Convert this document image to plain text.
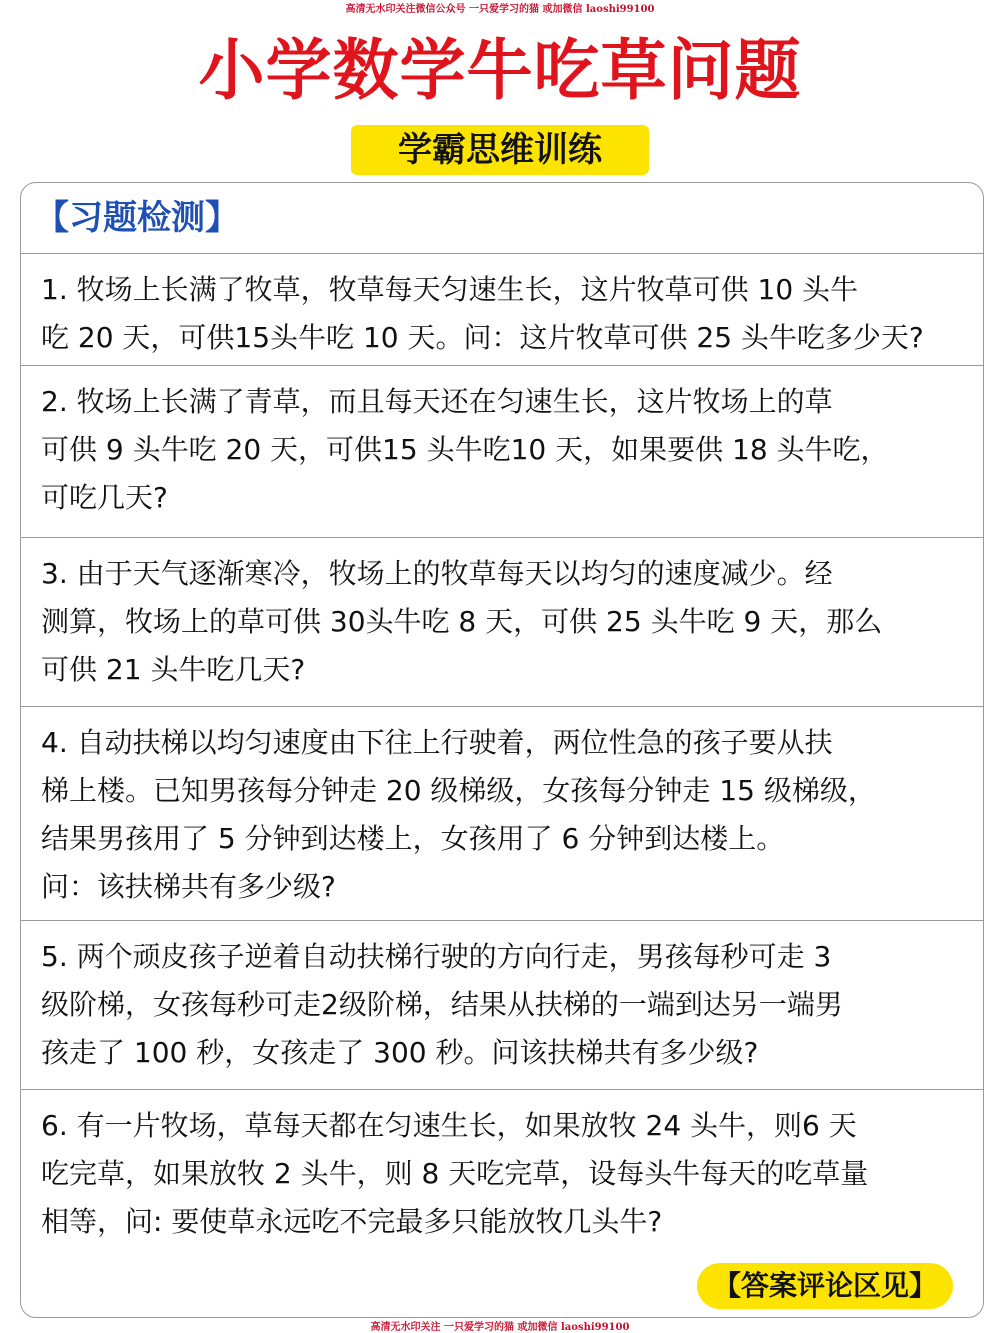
高清无水印关注微信公众号 一只爱学习的猫 或加微信 laoshi99100
小学数学牛吃草问题
学霸思维训练
【习题检测】
1. 牧场上长满了牧草，牧草每天匀速生长，这片牧草可供 10 头牛
吃 20 天，可供15头牛吃 10 天。问：这片牧草可供 25 头牛吃多少天?
2. 牧场上长满了青草，而且每天还在匀速生长，这片牧场上的草
可供 9 头牛吃 20 天，可供15 头牛吃10 天，如果要供 18 头牛吃，
可吃几天?
3. 由于天气逐渐寒冷，牧场上的牧草每天以均匀的速度减少。经
测算，牧场上的草可供 30头牛吃 8 天，可供 25 头牛吃 9 天，那么
可供 21 头牛吃几天?
4. 自动扶梯以均匀速度由下往上行驶着，两位性急的孩子要从扶
梯上楼。已知男孩每分钟走 20 级梯级，女孩每分钟走 15 级梯级，
结果男孩用了 5 分钟到达楼上，女孩用了 6 分钟到达楼上。
问：该扶梯共有多少级?
5. 两个顽皮孩子逆着自动扶梯行驶的方向行走，男孩每秒可走 3
级阶梯，女孩每秒可走2级阶梯，结果从扶梯的一端到达另一端男
孩走了 100 秒，女孩走了 300 秒。问该扶梯共有多少级?
6. 有一片牧场，草每天都在匀速生长，如果放牧 24 头牛，则6 天
吃完草，如果放牧 2 头牛，则 8 天吃完草，设每头牛每天的吃草量
相等，问: 要使草永远吃不完最多只能放牧几头牛?
【答案评论区见】
高清无水印关注 一只爱学习的猫 或加微信 laoshi99100
